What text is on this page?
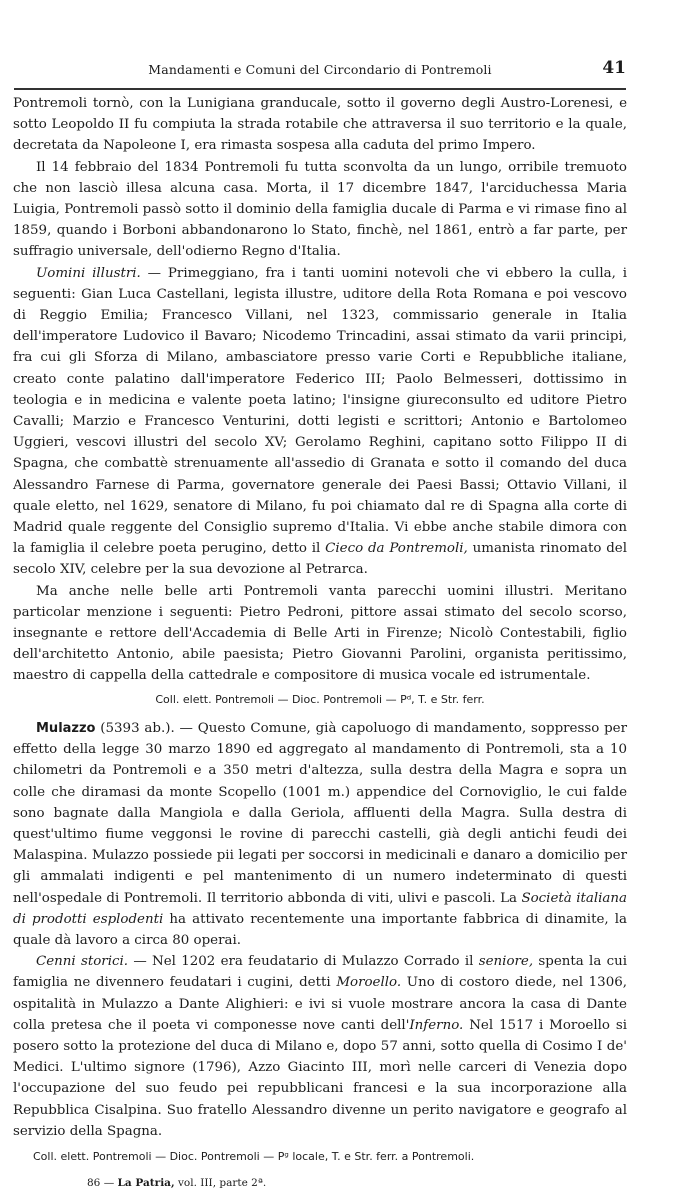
Mandamenti e Comuni del Circondario di Pontremoli	41

Pontremoli tornò, con la Lunigiana granducale, sotto il governo degli Austro-Lorenesi, e sotto Leopoldo II fu compiuta la strada rotabile che attraversa il suo territorio e la quale, decretata da Napoleone I, era rimasta sospesa alla caduta del primo Impero.

Il 14 febbraio del 1834 Pontremoli fu tutta sconvolta da un lungo, orribile tremuoto che non lasciò illesa alcuna casa. Morta, il 17 dicembre 1847, l'arciduchessa Maria Luigia, Pontremoli passò sotto il dominio della famiglia ducale di Parma e vi rimase fino al 1859, quando i Borboni abbandonarono lo Stato, finchè, nel 1861, entrò a far parte, per suffragio universale, dell'odierno Regno d'Italia.

Uomini illustri. — Primeggiano, fra i tanti uomini notevoli che vi ebbero la culla, i seguenti: Gian Luca Castellani, legista illustre, uditore della Rota Romana e poi vescovo di Reggio Emilia; Francesco Villani, nel 1323, commissario generale in Italia dell'imperatore Ludovico il Bavaro; Nicodemo Trincadini, assai stimato da varii principi, fra cui gli Sforza di Milano, ambasciatore presso varie Corti e Repubbliche italiane, creato conte palatino dall'imperatore Federico III; Paolo Belmesseri, dottissimo in teologia e in medicina e valente poeta latino; l'insigne giureconsulto ed uditore Pietro Cavalli; Marzio e Francesco Venturini, dotti legisti e scrittori; Antonio e Bartolomeo Uggieri, vescovi illustri del secolo XV; Gerolamo Reghini, capitano sotto Filippo II di Spagna, che combattè strenuamente all'assedio di Granata e sotto il comando del duca Alessandro Farnese di Parma, governatore generale dei Paesi Bassi; Ottavio Villani, il quale eletto, nel 1629, senatore di Milano, fu poi chiamato dal re di Spagna alla corte di Madrid quale reggente del Consiglio supremo d'Italia. Vi ebbe anche stabile dimora con la famiglia il celebre poeta perugino, detto il Cieco da Pontremoli, umanista rinomato del secolo XIV, celebre per la sua devozione al Petrarca.

Ma anche nelle belle arti Pontremoli vanta parecchi uomini illustri. Meritano particolar menzione i seguenti: Pietro Pedroni, pittore assai stimato del secolo scorso, insegnante e rettore dell'Accademia di Belle Arti in Firenze; Nicolò Contestabili, figlio dell'architetto Antonio, abile paesista; Pietro Giovanni Parolini, organista peritissimo, maestro di cappella della cattedrale e compositore di musica vocale ed istrumentale.

Coll. elett. Pontremoli — Dioc. Pontremoli — Pᵈ, T. e Str. ferr.

Mulazzo (5393 ab.). — Questo Comune, già capoluogo di mandamento, soppresso per effetto della legge 30 marzo 1890 ed aggregato al mandamento di Pontremoli, sta a 10 chilometri da Pontremoli e a 350 metri d'altezza, sulla destra della Magra e sopra un colle che diramasi da monte Scopello (1001 m.) appendice del Cornoviglio, le cui falde sono bagnate dalla Mangiola e dalla Geriola, affluenti della Magra. Sulla destra di quest'ultimo fiume veggonsi le rovine di parecchi castelli, già degli antichi feudi dei Malaspina. Mulazzo possiede pii legati per soccorsi in medicinali e danaro a domicilio per gli ammalati indigenti e pel mantenimento di un numero indeterminato di questi nell'ospedale di Pontremoli. Il territorio abbonda di viti, ulivi e pascoli. La Società italiana di prodotti esplodenti ha attivato recentemente una importante fabbrica di dinamite, la quale dà lavoro a circa 80 operai.

Cenni storici. — Nel 1202 era feudatario di Mulazzo Corrado il seniore, spenta la cui famiglia ne divennero feudatari i cugini, detti Moroello. Uno di costoro diede, nel 1306, ospitalità in Mulazzo a Dante Alighieri: e ivi si vuole mostrare ancora la casa di Dante colla pretesa che il poeta vi componesse nove canti dell'Inferno. Nel 1517 i Moroello si posero sotto la protezione del duca di Milano e, dopo 57 anni, sotto quella di Cosimo I de' Medici. L'ultimo signore (1796), Azzo Giacinto III, morì nelle carceri di Venezia dopo l'occupazione del suo feudo pei repubblicani francesi e la sua incorporazione alla Repubblica Cisalpina. Suo fratello Alessandro divenne un perito navigatore e geografo al servizio della Spagna.

Coll. elett. Pontremoli — Dioc. Pontremoli — Pᵍ locale, T. e Str. ferr. a Pontremoli.

86 — La Patria, vol. III, parte 2ª.
